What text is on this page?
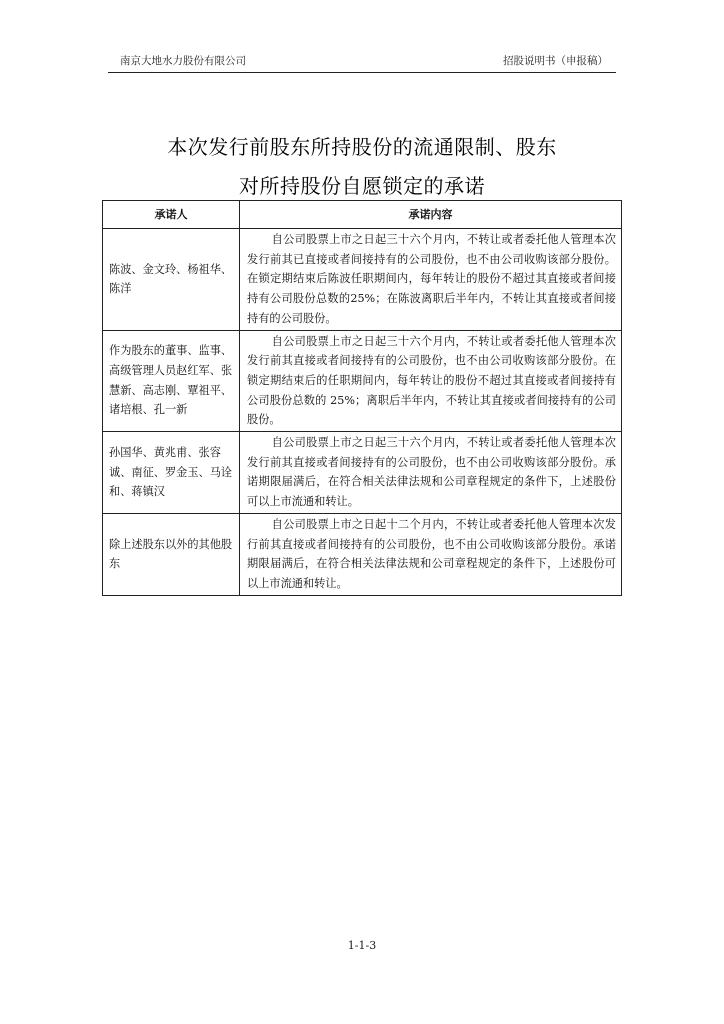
南京大地水力股份有限公司	招股说明书（申报稿）
本次发行前股东所持股份的流通限制、股东
对所持股份自愿锁定的承诺
承诺人	承诺内容
陈波、金文玲、杨祖华、陈洋	自公司股票上市之日起三十六个月内，不转让或者委托他人管理本次发行前其已直接或者间接持有的公司股份，也不由公司收购该部分股份。在锁定期结束后陈波任职期间内，每年转让的股份不超过其直接或者间接持有公司股份总数的25%；在陈波离职后半年内，不转让其直接或者间接持有的公司股份。
作为股东的董事、监事、高级管理人员赵红军、张慧新、高志刚、覃祖平、诸培根、孔一新	自公司股票上市之日起三十六个月内，不转让或者委托他人管理本次发行前其直接或者间接持有的公司股份，也不由公司收购该部分股份。在锁定期结束后的任职期间内，每年转让的股份不超过其直接或者间接持有公司股份总数的 25%；离职后半年内，不转让其直接或者间接持有的公司股份。
孙国华、黄兆甫、张容诚、南征、罗金玉、马诠和、蒋镇汉	自公司股票上市之日起三十六个月内，不转让或者委托他人管理本次发行前其直接或者间接持有的公司股份，也不由公司收购该部分股份。承诺期限届满后，在符合相关法律法规和公司章程规定的条件下，上述股份可以上市流通和转让。
除上述股东以外的其他股东	自公司股票上市之日起十二个月内，不转让或者委托他人管理本次发行前其直接或者间接持有的公司股份，也不由公司收购该部分股份。承诺期限届满后，在符合相关法律法规和公司章程规定的条件下，上述股份可以上市流通和转让。
1-1-3
